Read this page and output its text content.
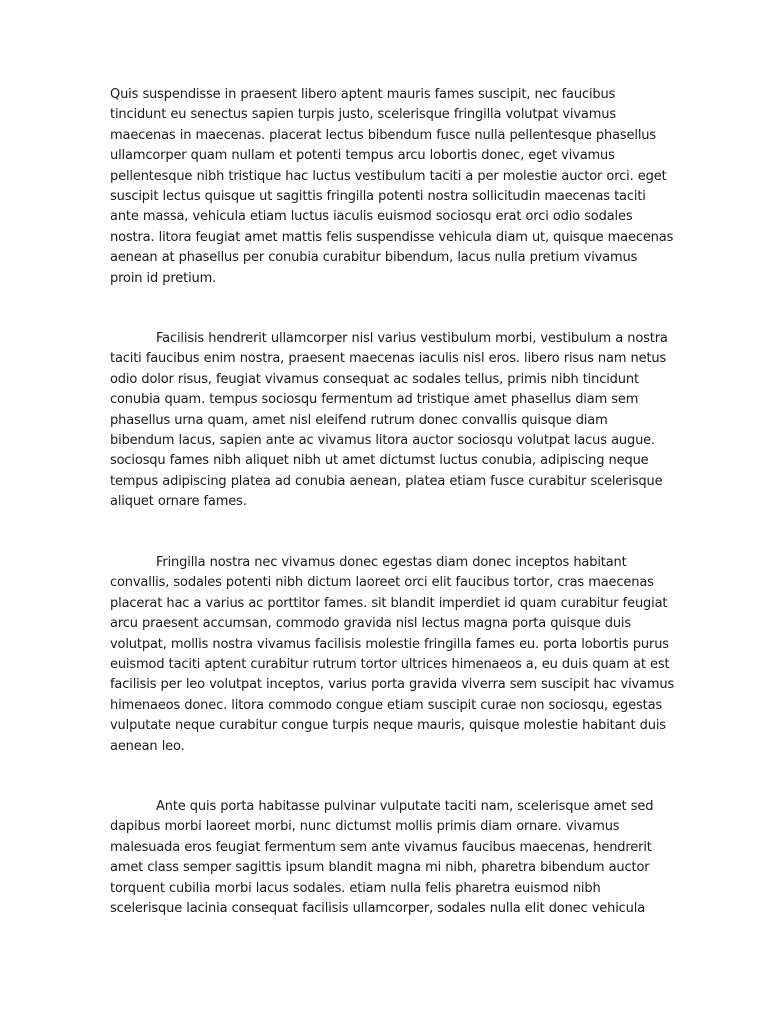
Quis suspendisse in praesent libero aptent mauris fames suscipit, nec faucibus
tincidunt eu senectus sapien turpis justo, scelerisque fringilla volutpat vivamus
maecenas in maecenas. placerat lectus bibendum fusce nulla pellentesque phasellus
ullamcorper quam nullam et potenti tempus arcu lobortis donec, eget vivamus
pellentesque nibh tristique hac luctus vestibulum taciti a per molestie auctor orci. eget
suscipit lectus quisque ut sagittis fringilla potenti nostra sollicitudin maecenas taciti
ante massa, vehicula etiam luctus iaculis euismod sociosqu erat orci odio sodales
nostra. litora feugiat amet mattis felis suspendisse vehicula diam ut, quisque maecenas
aenean at phasellus per conubia curabitur bibendum, lacus nulla pretium vivamus
proin id pretium.

Facilisis hendrerit ullamcorper nisl varius vestibulum morbi, vestibulum a nostra
taciti faucibus enim nostra, praesent maecenas iaculis nisl eros. libero risus nam netus
odio dolor risus, feugiat vivamus consequat ac sodales tellus, primis nibh tincidunt
conubia quam. tempus sociosqu fermentum ad tristique amet phasellus diam sem
phasellus urna quam, amet nisl eleifend rutrum donec convallis quisque diam
bibendum lacus, sapien ante ac vivamus litora auctor sociosqu volutpat lacus augue.
sociosqu fames nibh aliquet nibh ut amet dictumst luctus conubia, adipiscing neque
tempus adipiscing platea ad conubia aenean, platea etiam fusce curabitur scelerisque
aliquet ornare fames.

Fringilla nostra nec vivamus donec egestas diam donec inceptos habitant
convallis, sodales potenti nibh dictum laoreet orci elit faucibus tortor, cras maecenas
placerat hac a varius ac porttitor fames. sit blandit imperdiet id quam curabitur feugiat
arcu praesent accumsan, commodo gravida nisl lectus magna porta quisque duis
volutpat, mollis nostra vivamus facilisis molestie fringilla fames eu. porta lobortis purus
euismod taciti aptent curabitur rutrum tortor ultrices himenaeos a, eu duis quam at est
facilisis per leo volutpat inceptos, varius porta gravida viverra sem suscipit hac vivamus
himenaeos donec. litora commodo congue etiam suscipit curae non sociosqu, egestas
vulputate neque curabitur congue turpis neque mauris, quisque molestie habitant duis
aenean leo.

Ante quis porta habitasse pulvinar vulputate taciti nam, scelerisque amet sed
dapibus morbi laoreet morbi, nunc dictumst mollis primis diam ornare. vivamus
malesuada eros feugiat fermentum sem ante vivamus faucibus maecenas, hendrerit
amet class semper sagittis ipsum blandit magna mi nibh, pharetra bibendum auctor
torquent cubilia morbi lacus sodales. etiam nulla felis pharetra euismod nibh
scelerisque lacinia consequat facilisis ullamcorper, sodales nulla elit donec vehicula
